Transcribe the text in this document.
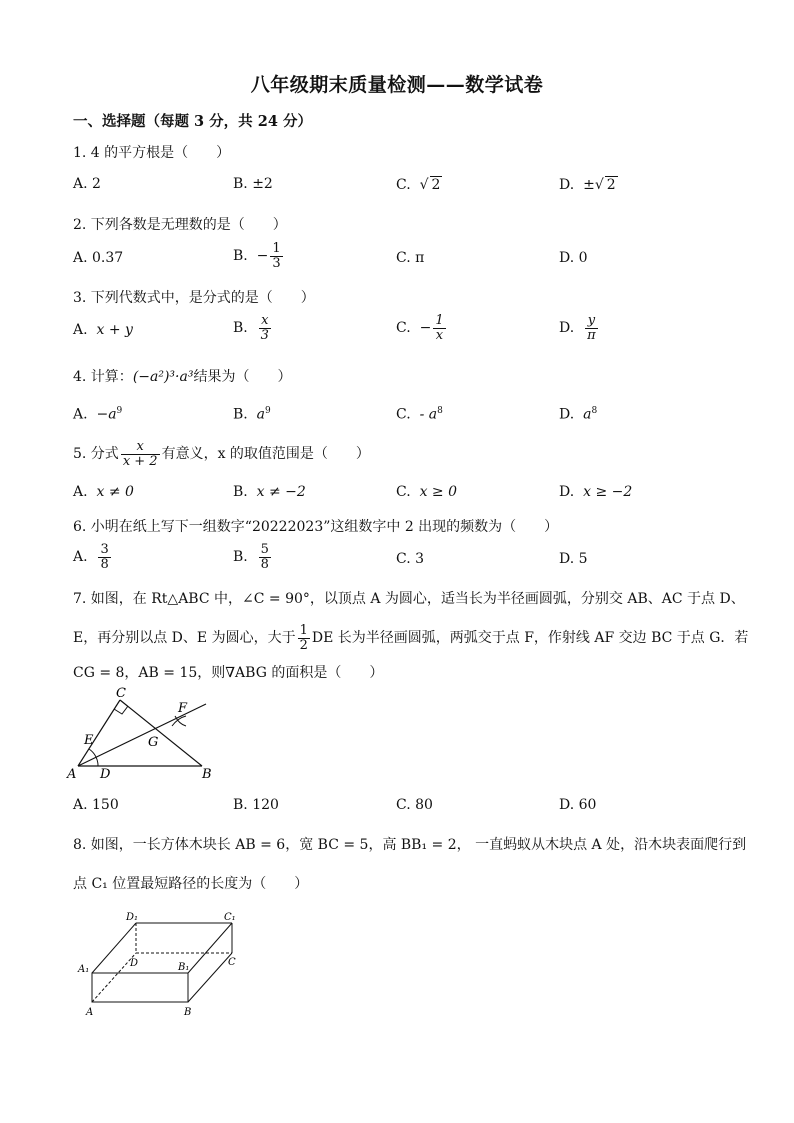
八年级期末质量检测——数学试卷
一、选择题（每题 3 分，共 24 分）
1. 4 的平方根是（　　）
A. 2	B. ±2	C.  √ 2	D. ±√ 2
2. 下列各数是无理数的是（　　）
A. 0.37	B. − $\frac{1}{3}$	C. π	D. 0
3. 下列代数式中，是分式的是（　　）
A. x + y	B. $\frac{x}{3}$	C. − $\frac{1}{x}$	D. $\frac{y}{\pi}$
4. 计算：(−a²)³·a³结果为（　　）
A. $-a^9$	B. $a^9$	C. - $a^8$	D. $a^8$
5. 分式 $\frac{x}{x + 2}$ 有意义，x 的取值范围是（　　）
A. x ≠ 0	B. x ≠ −2	C. x ≥ 0	D. x ≥ −2
6. 小明在纸上写下一组数字“20222023”这组数字中 2 出现的频数为（　　）
A. $\frac{3}{8}$	B. $\frac{5}{8}$	C. 3	D. 5
7. 如图，在 Rt△ABC 中，∠C = 90°，以顶点 A 为圆心，适当长为半径画圆弧，分别交 AB、AC 于点 D、
E，再分别以点 D、E 为圆心，大于 $\frac{1}{2}$ DE 长为半径画圆弧，两弧交于点 F，作射线 AF 交边 BC 于点 G．若
CG = 8，AB = 15，则∇ABG 的面积是（　　）
C
F
E	G
A D	B
A. 150	B. 120	C. 80	D. 60
8. 如图，一长方体木块长 AB = 6，宽 BC = 5，高 BB₁ = 2， 一直蚂蚁从木块点 A 处，沿木块表面爬行到
点 C₁ 位置最短路径的长度为（　　）
D₁	C₁
A₁
D	B₁	C
A	B
